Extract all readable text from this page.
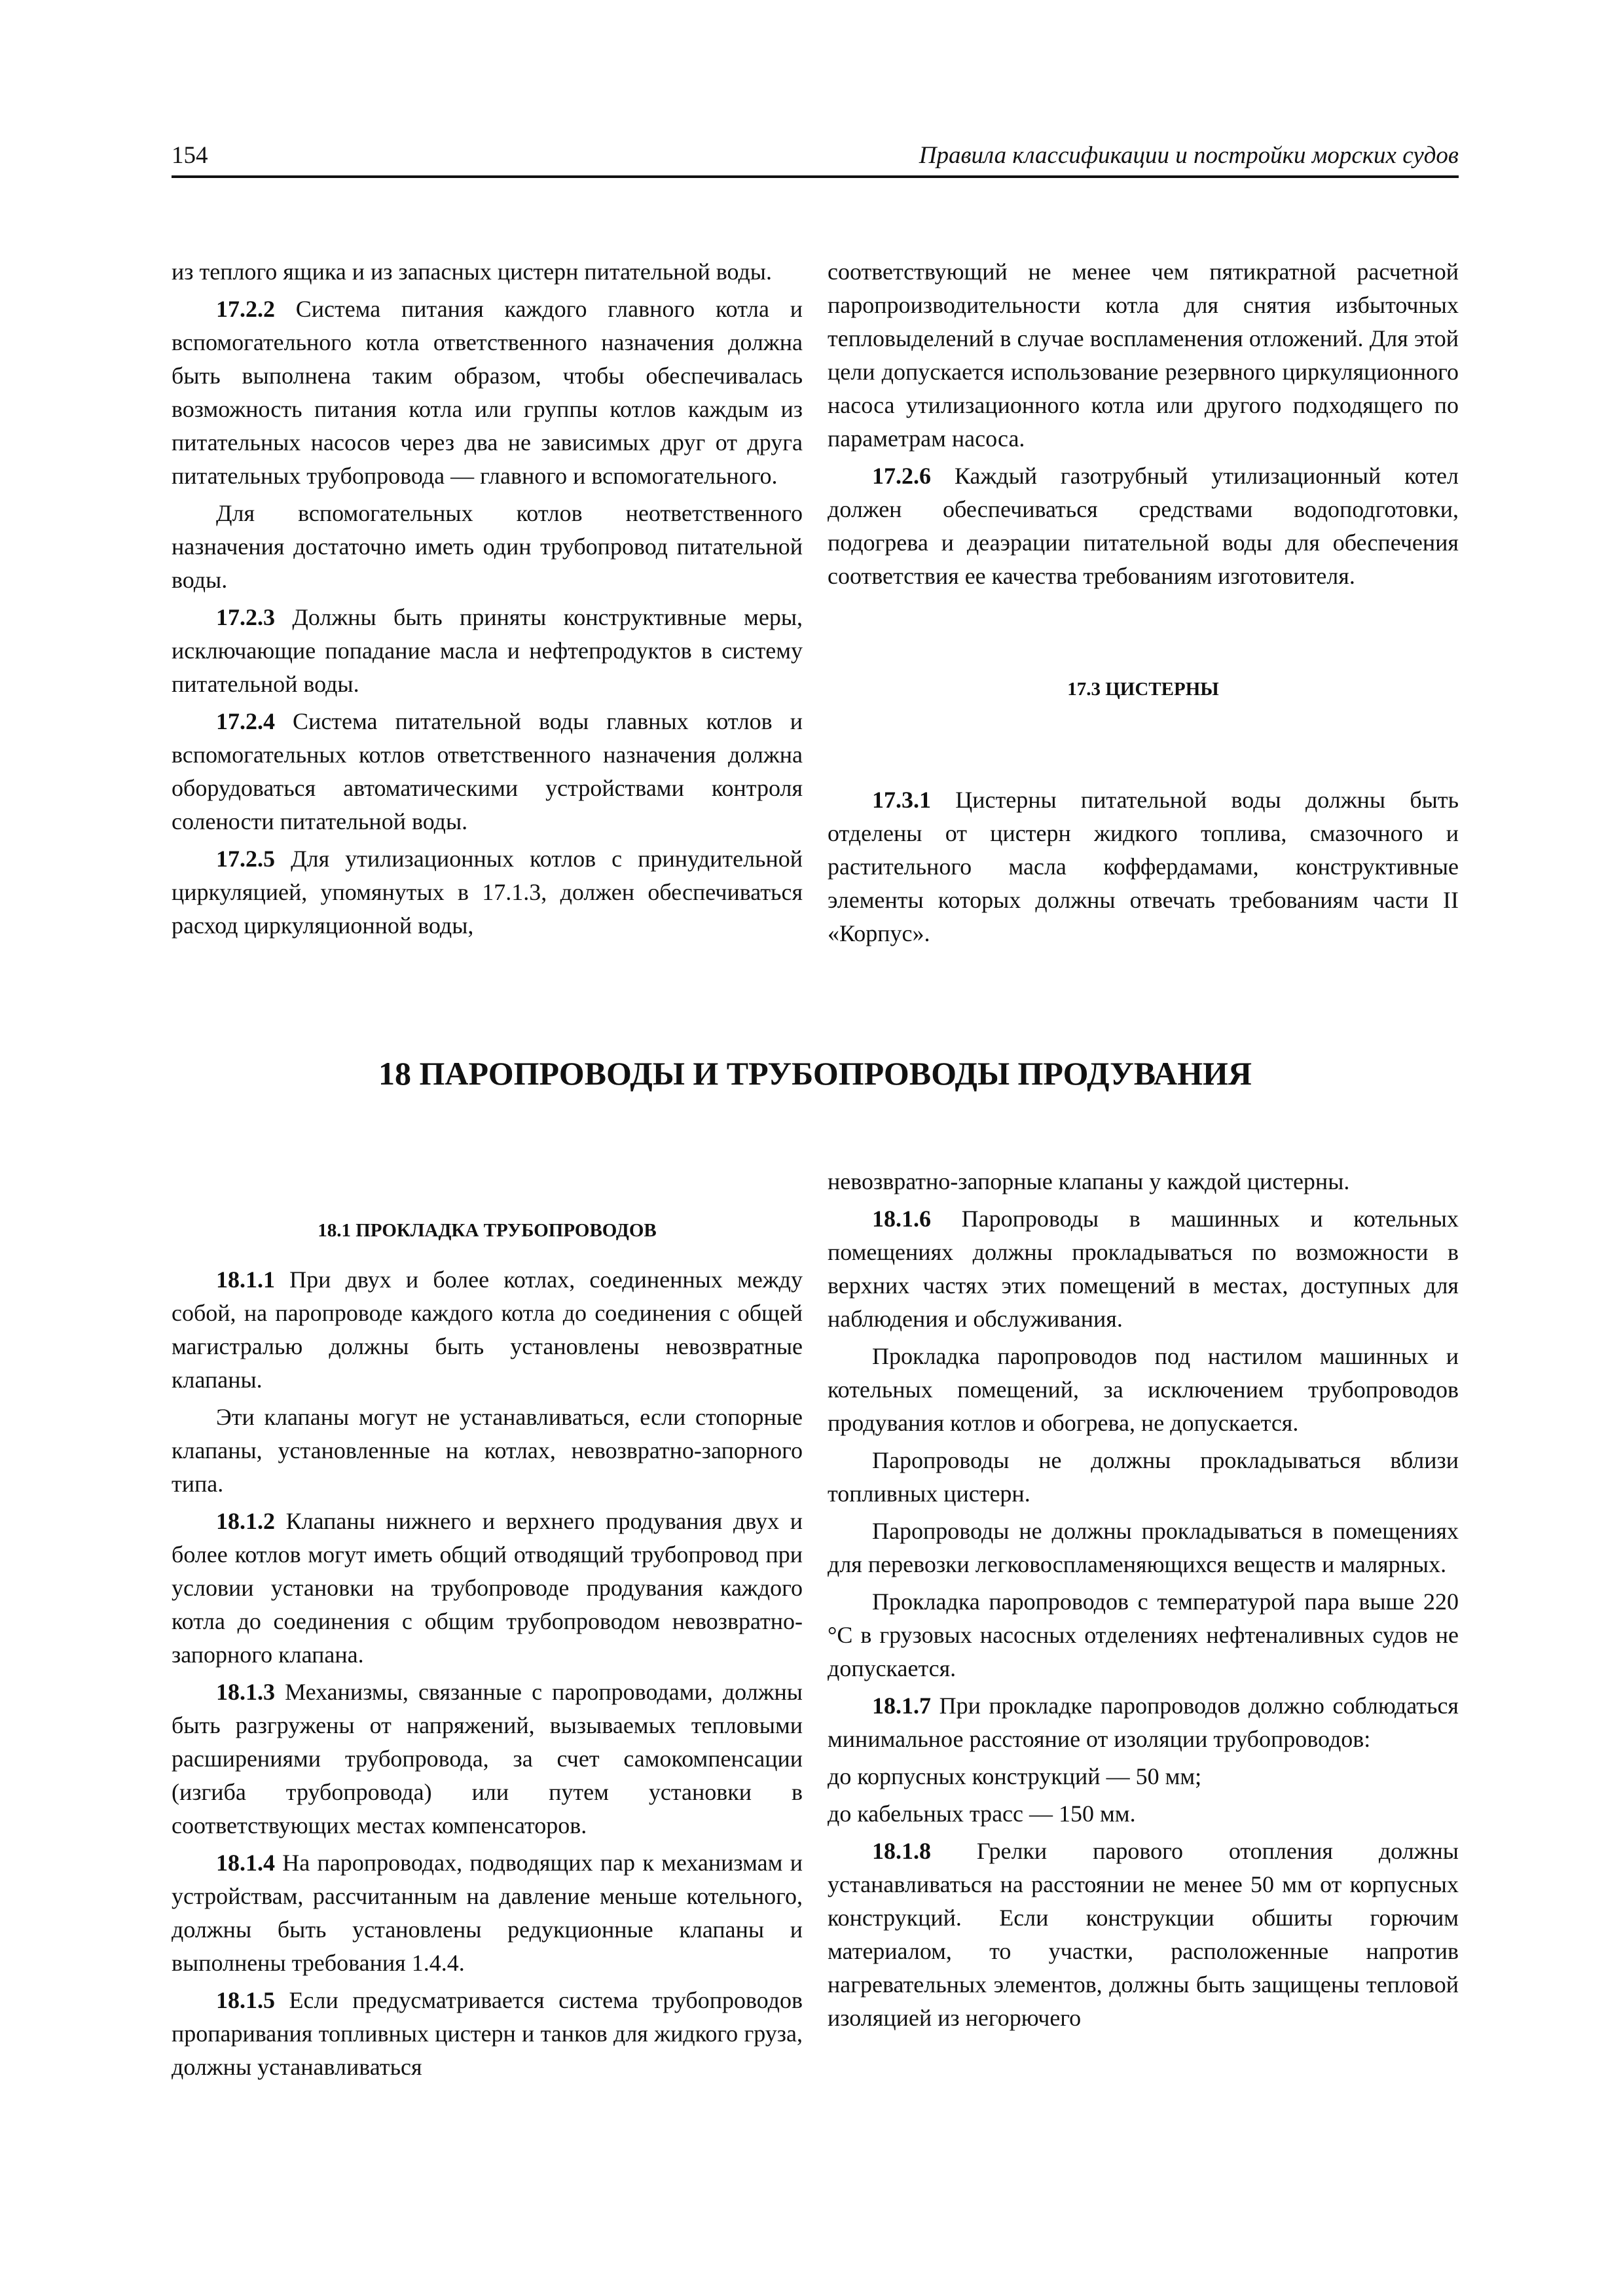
154	Правила классификации и постройки морских судов

из теплого ящика и из запасных цистерн питательной воды.

17.2.2 Система питания каждого главного котла и вспомогательного котла ответственного назначения должна быть выполнена таким образом, чтобы обеспечивалась возможность питания котла или группы котлов каждым из питательных насосов через два не зависимых друг от друга питательных трубопровода — главного и вспомогательного.

Для вспомогательных котлов неответственного назначения достаточно иметь один трубопровод питательной воды.

17.2.3 Должны быть приняты конструктивные меры, исключающие попадание масла и нефтепродуктов в систему питательной воды.

17.2.4 Система питательной воды главных котлов и вспомогательных котлов ответственного назначения должна оборудоваться автоматическими устройствами контроля солености питательной воды.

17.2.5 Для утилизационных котлов с принудительной циркуляцией, упомянутых в 17.1.3, должен обеспечиваться расход циркуляционной воды,

соответствующий не менее чем пятикратной расчетной паропроизводительности котла для снятия избыточных тепловыделений в случае воспламенения отложений. Для этой цели допускается использование резервного циркуляционного насоса утилизационного котла или другого подходящего по параметрам насоса.

17.2.6 Каждый газотрубный утилизационный котел должен обеспечиваться средствами водоподготовки, подогрева и деаэрации питательной воды для обеспечения соответствия ее качества требованиям изготовителя.

17.3 ЦИСТЕРНЫ

17.3.1 Цистерны питательной воды должны быть отделены от цистерн жидкого топлива, смазочного и растительного масла коффердамами, конструктивные элементы которых должны отвечать требованиям части II «Корпус».

18 ПАРОПРОВОДЫ И ТРУБОПРОВОДЫ ПРОДУВАНИЯ
18.1 ПРОКЛАДКА ТРУБОПРОВОДОВ

18.1.1 При двух и более котлах, соединенных между собой, на паропроводе каждого котла до соединения с общей магистралью должны быть установлены невозвратные клапаны.

Эти клапаны могут не устанавливаться, если стопорные клапаны, установленные на котлах, невозвратно-запорного типа.

18.1.2 Клапаны нижнего и верхнего продувания двух и более котлов могут иметь общий отводящий трубопровод при условии установки на трубопроводе продувания каждого котла до соединения с общим трубопроводом невозвратно-запорного клапана.

18.1.3 Механизмы, связанные с паропроводами, должны быть разгружены от напряжений, вызываемых тепловыми расширениями трубопровода, за счет самокомпенсации (изгиба трубопровода) или путем установки в соответствующих местах компенсаторов.

18.1.4 На паропроводах, подводящих пар к механизмам и устройствам, рассчитанным на давление меньше котельного, должны быть установлены редукционные клапаны и выполнены требования 1.4.4.

18.1.5 Если предусматривается система трубопроводов пропаривания топливных цистерн и танков для жидкого груза, должны устанавливаться

невозвратно-запорные клапаны у каждой цистерны.

18.1.6 Паропроводы в машинных и котельных помещениях должны прокладываться по возможности в верхних частях этих помещений в местах, доступных для наблюдения и обслуживания.

Прокладка паропроводов под настилом машинных и котельных помещений, за исключением трубопроводов продувания котлов и обогрева, не допускается.

Паропроводы не должны прокладываться вблизи топливных цистерн.

Паропроводы не должны прокладываться в помещениях для перевозки легковоспламеняющихся веществ и малярных.

Прокладка паропроводов с температурой пара выше 220 °С в грузовых насосных отделениях нефтеналивных судов не допускается.

18.1.7 При прокладке паропроводов должно соблюдаться минимальное расстояние от изоляции трубопроводов:

до корпусных конструкций — 50 мм;

до кабельных трасс — 150 мм.

18.1.8 Грелки парового отопления должны устанавливаться на расстоянии не менее 50 мм от корпусных конструкций. Если конструкции обшиты горючим материалом, то участки, расположенные напротив нагревательных элементов, должны быть защищены тепловой изоляцией из негорючего
